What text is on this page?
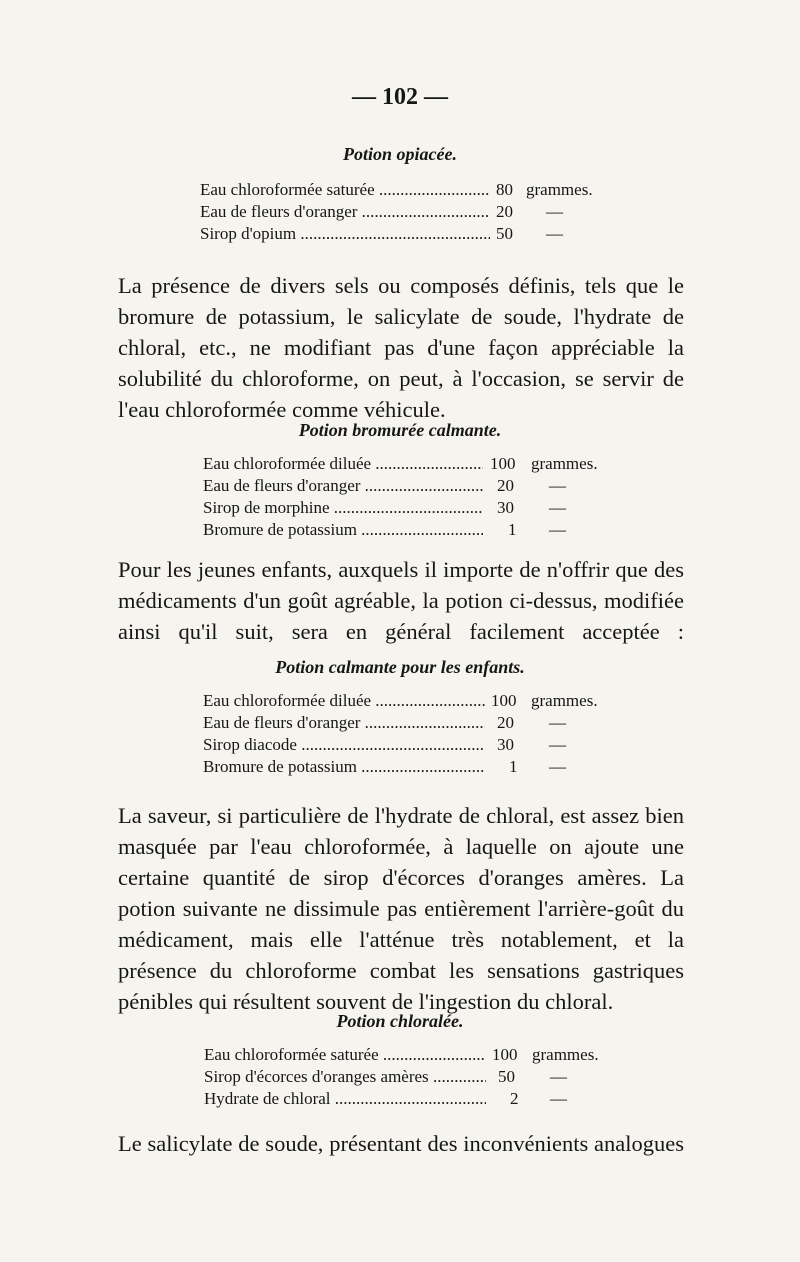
— 102 —
Potion opiacée.
Eau chloroformée saturée .....	80 grammes.
Eau de fleurs d'oranger .....	20 —
Sirop d'opium .....	50 —

La présence de divers sels ou composés définis, tels que le bromure de potassium, le salicylate de soude, l'hydrate de chloral, etc., ne modifiant pas d'une façon appréciable la solubilité du chloroforme, on peut, à l'occasion, se servir de l'eau chloroformée comme véhicule.

Potion bromurée calmante.
Eau chloroformée diluée .....	100 grammes.
Eau de fleurs d'oranger .....	20 —
Sirop de morphine .....	30 —
Bromure de potassium .....	1 —

Pour les jeunes enfants, auxquels il importe de n'offrir que des médicaments d'un goût agréable, la potion ci-dessus, modifiée ainsi qu'il suit, sera en général facilement acceptée :

Potion calmante pour les enfants.
Eau chloroformée diluée .....	100 grammes.
Eau de fleurs d'oranger .....	20 —
Sirop diacode .....	30 —
Bromure de potassium .....	1 —

La saveur, si particulière de l'hydrate de chloral, est assez bien masquée par l'eau chloroformée, à laquelle on ajoute une certaine quantité de sirop d'écorces d'oranges amères. La potion suivante ne dissimule pas entièrement l'arrière-goût du médicament, mais elle l'atténue très notablement, et la présence du chloroforme combat les sensations gastriques pénibles qui résultent souvent de l'ingestion du chloral.

Potion chloralée.
Eau chloroformée saturée .....	100 grammes.
Sirop d'écorces d'oranges amères .....	50 —
Hydrate de chloral .....	2 —
Le salicylate de soude, présentant des inconvénients analogues
